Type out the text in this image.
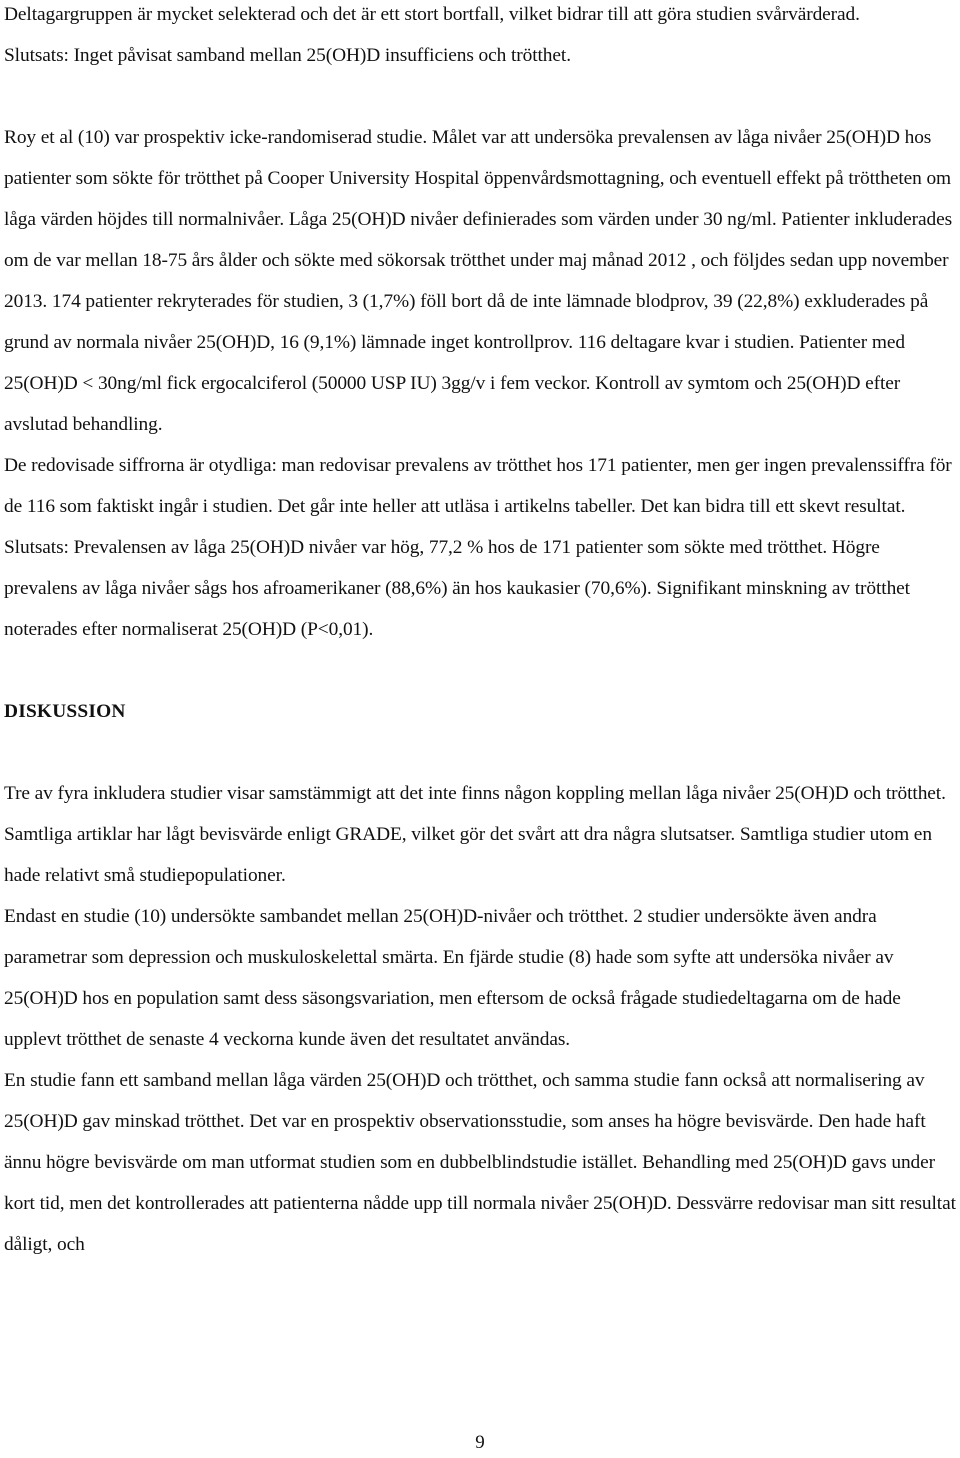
Deltagargruppen är mycket selekterad och det är ett stort bortfall, vilket bidrar till att göra studien svårvärderad.

Slutsats: Inget påvisat samband mellan 25(OH)D insufficiens och trötthet.

Roy et al (10) var prospektiv icke-randomiserad studie. Målet var att undersöka prevalensen av låga nivåer 25(OH)D hos patienter som sökte för trötthet på Cooper University Hospital öppenvårdsmottagning, och eventuell effekt på tröttheten om låga värden höjdes till normalnivåer. Låga 25(OH)D nivåer definierades som värden under 30 ng/ml. Patienter inkluderades om de var mellan 18-75 års ålder och sökte med sökorsak trötthet under maj månad 2012 , och följdes sedan upp november 2013. 174 patienter rekryterades för studien, 3 (1,7%) föll bort då de inte lämnade blodprov, 39 (22,8%) exkluderades på grund av normala nivåer 25(OH)D, 16 (9,1%) lämnade inget kontrollprov. 116 deltagare kvar i studien. Patienter med 25(OH)D < 30ng/ml fick ergocalciferol (50000 USP IU) 3gg/v i fem veckor. Kontroll av symtom och 25(OH)D efter avslutad behandling.

De redovisade siffrorna är otydliga: man redovisar prevalens av trötthet hos 171 patienter, men ger ingen prevalenssiffra för de 116 som faktiskt ingår i studien. Det går inte heller att utläsa i artikelns tabeller. Det kan bidra till ett skevt resultat.

Slutsats: Prevalensen av låga 25(OH)D nivåer var hög, 77,2 % hos de 171 patienter som sökte med trötthet. Högre prevalens av låga nivåer sågs hos afroamerikaner (88,6%) än hos kaukasier (70,6%). Signifikant minskning av trötthet noterades efter normaliserat 25(OH)D (P<0,01).

DISKUSSION

Tre av fyra inkludera studier visar samstämmigt att det inte finns någon koppling mellan låga nivåer 25(OH)D och trötthet. Samtliga artiklar har lågt bevisvärde enligt GRADE, vilket gör det svårt att dra några slutsatser. Samtliga studier utom en hade relativt små studiepopulationer.

Endast en studie (10) undersökte sambandet mellan 25(OH)D-nivåer och trötthet. 2 studier undersökte även andra parametrar som depression och muskuloskelettal smärta. En fjärde studie (8) hade som syfte att undersöka nivåer av 25(OH)D hos en population samt dess säsongsvariation, men eftersom de också frågade studiedeltagarna om de hade upplevt trötthet de senaste 4 veckorna kunde även det resultatet användas.

En studie fann ett samband mellan låga värden 25(OH)D och trötthet, och samma studie fann också att normalisering av 25(OH)D gav minskad trötthet. Det var en prospektiv observationsstudie, som anses ha högre bevisvärde. Den hade haft ännu högre bevisvärde om man utformat studien som en dubbelblindstudie istället. Behandling med 25(OH)D gavs under kort tid, men det kontrollerades att patienterna nådde upp till normala nivåer 25(OH)D. Dessvärre redovisar man sitt resultat dåligt, och

9
